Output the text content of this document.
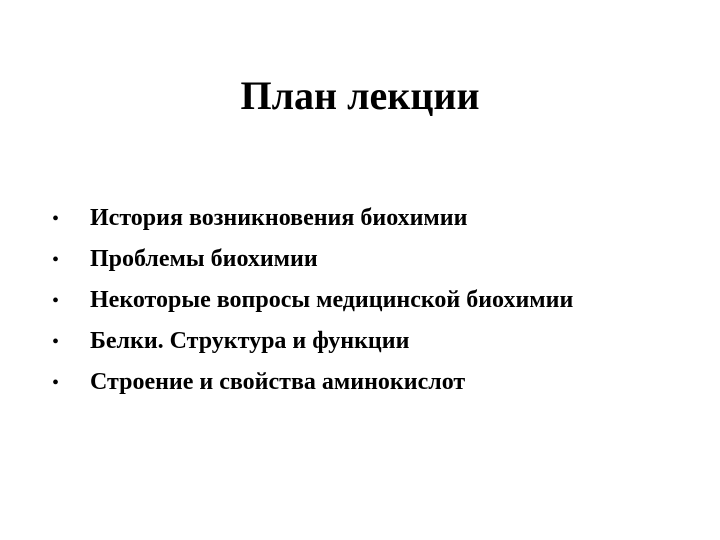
План лекции
•	История возникновения биохимии
•	Проблемы биохимии
•	Некоторые вопросы медицинской биохимии
•	Белки. Структура и функции
•	Строение и свойства аминокислот
